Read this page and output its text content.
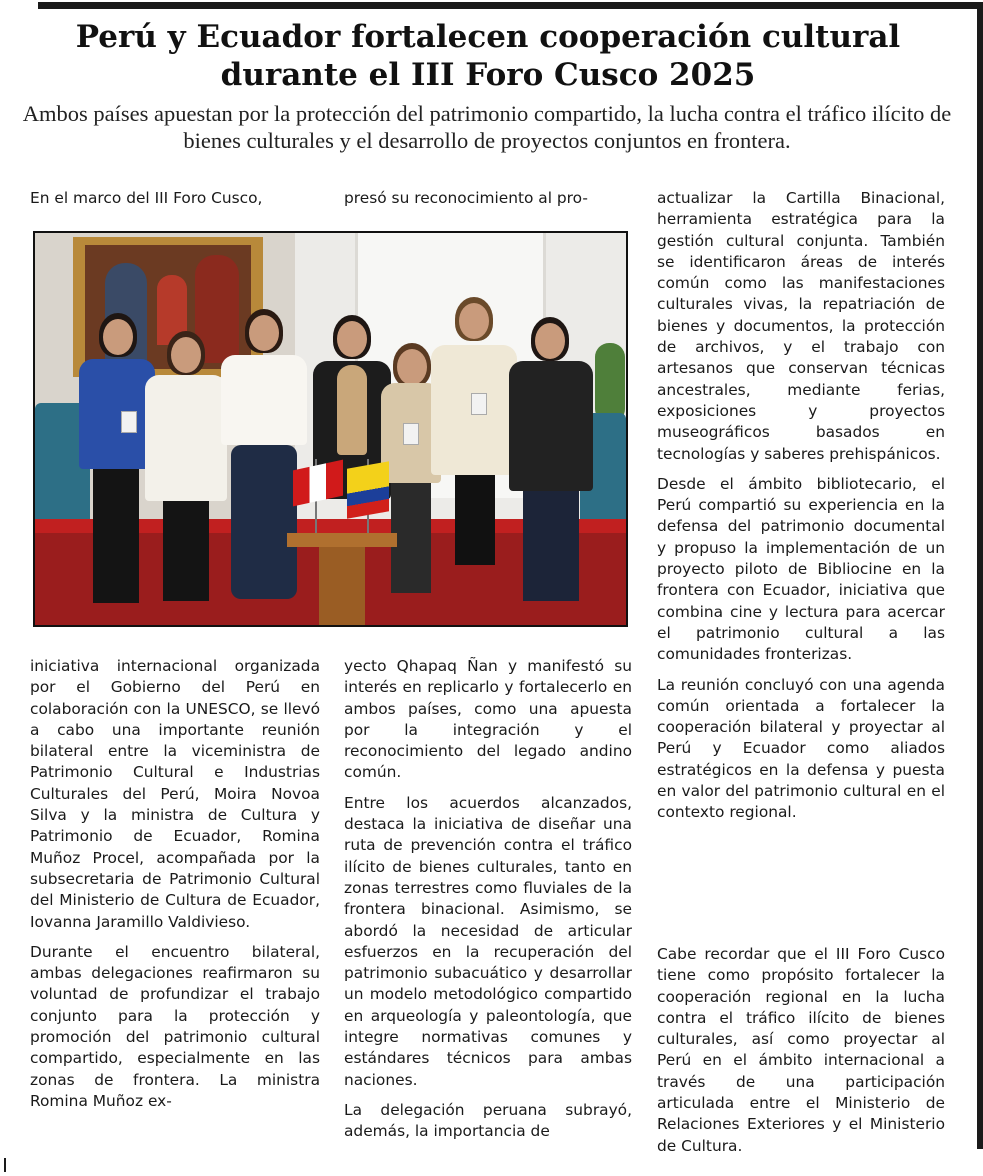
Perú y Ecuador fortalecen cooperación cultural durante el III Foro Cusco 2025

Ambos países apuestan por la protección del patrimonio compartido, la lucha contra el tráfico ilícito de bienes culturales y el desarrollo de proyectos conjuntos en frontera.

En el marco del III Foro Cusco,	presó su reconocimiento al pro-

iniciativa internacional organizada por el Gobierno del Perú en colaboración con la UNESCO, se llevó a cabo una importante reunión bilateral entre la viceministra de Patrimonio Cultural e Industrias Culturales del Perú, Moira Novoa Silva y la ministra de Cultura y Patrimonio de Ecuador, Romina Muñoz Procel, acompañada por la subsecretaria de Patrimonio Cultural del Ministerio de Cultura de Ecuador, Iovanna Jaramillo Valdivieso.

Durante el encuentro bilateral, ambas delegaciones reafirmaron su voluntad de profundizar el trabajo conjunto para la protección y promoción del patrimonio cultural compartido, especialmente en las zonas de frontera. La ministra Romina Muñoz ex-

yecto Qhapaq Ñan y manifestó su interés en replicarlo y fortalecerlo en ambos países, como una apuesta por la integración y el reconocimiento del legado andino común.

Entre los acuerdos alcanzados, destaca la iniciativa de diseñar una ruta de prevención contra el tráfico ilícito de bienes culturales, tanto en zonas terrestres como fluviales de la frontera binacional. Asimismo, se abordó la necesidad de articular esfuerzos en la recuperación del patrimonio subacuático y desarrollar un modelo metodológico compartido en arqueología y paleontología, que integre normativas comunes y estándares técnicos para ambas naciones.

La delegación peruana subrayó, además, la importancia de

actualizar la Cartilla Binacional, herramienta estratégica para la gestión cultural conjunta. También se identificaron áreas de interés común como las manifestaciones culturales vivas, la repatriación de bienes y documentos, la protección de archivos, y el trabajo con artesanos que conservan técnicas ancestrales, mediante ferias, exposiciones y proyectos museográficos basados en tecnologías y saberes prehispánicos.

Desde el ámbito bibliotecario, el Perú compartió su experiencia en la defensa del patrimonio documental y propuso la implementación de un proyecto piloto de Bibliocine en la frontera con Ecuador, iniciativa que combina cine y lectura para acercar el patrimonio cultural a las comunidades fronterizas.

La reunión concluyó con una agenda común orientada a fortalecer la cooperación bilateral y proyectar al Perú y Ecuador como aliados estratégicos en la defensa y puesta en valor del patrimonio cultural en el contexto regional.

Cabe recordar que el III Foro Cusco tiene como propósito fortalecer la cooperación regional en la lucha contra el tráfico ilícito de bienes culturales, así como proyectar al Perú en el ámbito internacional a través de una participación articulada entre el Ministerio de Relaciones Exteriores y el Ministerio de Cultura.
